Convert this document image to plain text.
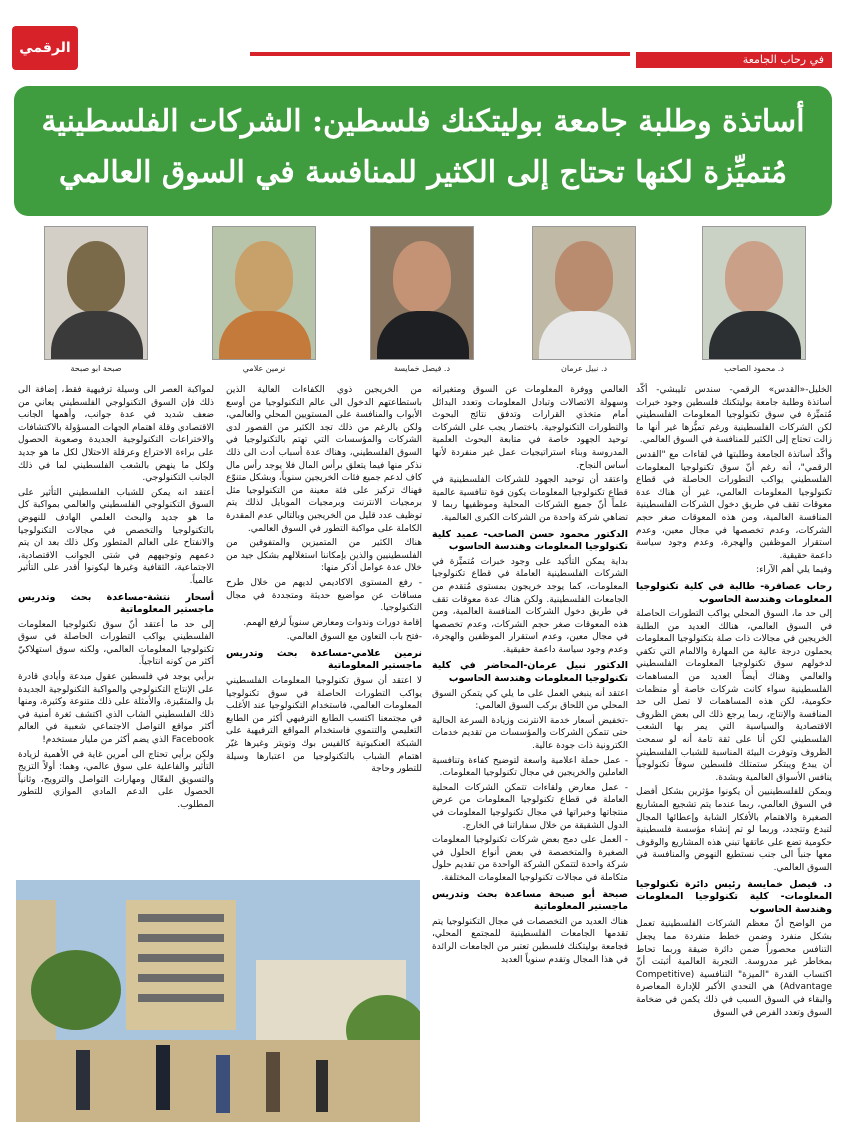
القدس
الرقمي
في رحاب الجامعة
أساتذة وطلبة جامعة بوليتكنك فلسطين: الشركات الفلسطينية
مُتميِّزة لكنها تحتاج إلى الكثير للمنافسة في السوق العالمي
د. محمود الصاحب
د. نبيل عرمان
د. فيصل خمايسة
نرمين علامي
صبحة ابو صبحة

الخليل-«القدس» الرقمي- سندس تليبشي- أكّد أساتذة وطلبة جامعة بوليتكنك فلسطين وجود خبرات مُتميِّزة في سوق تكنولوجيا المعلومات الفلسطيني لكن الشركات الفلسطينية ورغم تميُّزها غير أنها ما زالت تحتاج إلى الكثير للمنافسة في السوق العالمي.

وأكّد أساتذة الجامعة وطلبتها في لقاءات مع "القدس الرقمي"، أنه رغم أنّ سوق تكنولوجيا المعلومات الفلسطيني يواكب التطورات الحاصلة في قطاع تكنولوجيا المعلومات العالمي، غير أن هناك عدة معوقات تقف في طريق دخول الشركات الفلسطينية المنافسة العالمية، ومن هذه المعوقات صغر حجم الشركات، وعدم تخصصها في مجال معين، وعدم استقرار الموظفين والهجرة، وعدم وجود سياسة داعمة حقيقية.

وفيما يلي أهم الآراء:

رحاب عصافرة- طالبة في كلية تكنولوجيا المعلومات وهندسة الحاسوب

إلى حد ما، السوق المحلي يواكب التطورات الحاصلة في السوق العالمي، هنالك العديد من الطلبة الخريجين في مجالات ذات صلة بتكنولوجيا المعلومات يحملون درجة عالية من المهارة والالمام التي تكفي لدخولهم سوق تكنولوجيا المعلومات الفلسطيني والعالمي وهناك أيضاً العديد من المساهمات الفلسطينية سواء كانت شركات خاصة أو منظمات حكومية، لكن هذه المساهمات لا تصل الى حد المنافسة والإنتاج، ربما يرجع ذلك الى بعض الظروف الاقتصادية والسياسية التي يمر بها الشعب الفلسطيني لكن أنا على ثقة تامة أنه لو سمحت الظروف وتوفرت البيئة المناسبة للشباب الفلسطيني أن يبدع ويبتكر ستمتلك فلسطين سوقاً تكنولوجياً ينافس الأسواق العالمية وبشدة.

ويمكن للفلسطينيين أن يكونوا مؤثرين بشكل أفضل في السوق العالمي، ربما عندما يتم تشجيع المشاريع الصغيرة والاهتمام بالأفكار الشابة وإعطائها المجال لتبدع وتتجدد، وربما لو تم إنشاء مؤسسة فلسطينية حكومية تضع على عاتقها تبني هذه المشاريع والوقوف معها جنباً الى جنب نستطيع النهوض والمنافسة في السوق العالمي.

د. فيصل خمايسة رئيس دائرة تكنولوجيا المعلومات- كلية تكنولوجيا المعلومات وهندسة الحاسوب

من الواضح أنّ معظم الشركات الفلسطينية تعمل بشكل منفرد وضمن خطط منفردة مما يجعل التنافس محصوراً ضمن دائرة ضيقة وربما تحاط بمخاطر غير مدروسة. التجربة العالمية أثبتت أنّ اكتساب القدرة "الميزة" التنافسية (Competitive Advantage) هي التحدي الأكبر للإدارة المعاصرة والبقاء في السوق السبب في ذلك يكمن في ضخامة السوق وتعدد الفرص في السوق

العالمي ووفرة المعلومات عن السوق ومتغيراته وسهولة الاتصالات وتبادل المعلومات وتعدد البدائل أمام متخذي القرارات وتدفق نتائج البحوث والتطورات التكنولوجية. باختصار يجب على الشركات توحيد الجهود خاصة في متابعة البحوث العلمية المدروسة وبناء استراتيجيات عمل غير منفردة لأنها أساس النجاح.

واعتقد أن توحيد الجهود للشركات الفلسطينية في قطاع تكنولوجيا المعلومات يكون قوة تنافسية عالمية علماً أنّ جميع الشركات المحلية وموظفيها ربما لا تضاهي شركة واحدة من الشركات الكبرى العالمية.

الدكتور محمود حسن الصاحب- عميد كلية تكنولوجيا المعلومات وهندسة الحاسوب

بداية يمكن التأكيد على وجود خبرات مُتميِّزة في الشركات الفلسطينية العاملة في قطاع تكنولوجيا المعلومات، كما يوجد خريجون بمستوى مُتقدم من الجامعات الفلسطينية. ولكن هناك عدة معوقات تقف في طريق دخول الشركات المنافسة العالمية، ومن هذه المعوقات صغر حجم الشركات، وعدم تخصصها في مجال معين، وعدم استقرار الموظفين والهجرة، وعدم وجود سياسة داعمة حقيقية.

الدكتور نبيل عرمان-المحاضر في كلية تكنولوجيا المعلومات وهندسة الحاسوب

اعتقد أنه ينبغي العمل على ما يلي كي يتمكن السوق المحلي من اللحاق بركب السوق العالمي:

-تخفيض أسعار خدمة الانترنت وزيادة السرعة الحالية حتى تتمكن الشركات والمؤسسات من تقديم خدمات الكترونية ذات جودة عالية.

- عمل حملة اعلامية واسعة لتوضيح كفاءة وتنافسية العاملين والخريجين في مجال تكنولوجيا المعلومات.

- عمل معارض ولقاءات تتمكن الشركات المحلية العاملة في قطاع تكنولوجيا المعلومات من عرض منتجاتها وخبراتها في مجال تكنولوجيا المعلومات في الدول الشقيقة من خلال سفاراتنا في الخارج.

- العمل على دمج بعض شركات تكنولوجيا المعلومات الصغيرة والمتخصصة في بعض أنواع الحلول في شركة واحدة لتتمكن الشركة الواحدة من تقديم حلول متكاملة في مجالات تكنولوجيا المعلومات المختلفة.

صبحة أبو صبحة مساعدة بحث وتدريس ماجستير المعلوماتية

هناك العديد من التخصصات في مجال التكنولوجيا يتم تقدمها الجامعات الفلسطينية للمجتمع المحلي، فجامعة بوليتكنك فلسطين تعتبر من الجامعات الرائدة في هذا المجال وتقدم سنوياً العديد

من الخريجين ذوي الكفاءات العالية الذين باستطاعتهم الدخول الى عالم التكنولوجيا من أوسع الأبواب والمنافسة على المستويين المحلي والعالمي، ولكن بالرغم من ذلك تجد الكثير من القصور لدى الشركات والمؤسسات التي تهتم بالتكنولوجيا في السوق الفلسطيني، وهناك عدة أسباب أدت الى ذلك نذكر منها فيما يتعلق برأس المال فلا يوجد رأس مال كاف لدعم جميع فئات الخريجين سنوياً، وبشكل متنوّع فهناك تركيز على فئة معينة من التكنولوجيا مثل برمجيات الانترنت وبرمجيات الموبايل لذلك يتم توظيف عدد قليل من الخريجين وبالتالي عدم المقدرة الكاملة على مواكبة التطور في السوق العالمي.

هناك الكثير من المتميزين والمتفوقين من الفلسطينيين والذين بإمكاننا استغلالهم بشكل جيد من خلال عدة عوامل أذكر منها:

- رفع المستوى الاكاديمي لديهم من خلال طرح مساقات عن مواضيع حديثة ومتجددة في مجال التكنولوجيا.

إقامة دورات وندوات ومعارض سنوياً لرفع الهمم.

-فتح باب التعاون مع السوق العالمي.

نرمين علامي-مساعدة بحث وتدريس ماجستير المعلوماتية

لا اعتقد أن سوق تكنولوجيا المعلومات الفلسطيني يواكب التطورات الحاصلة في سوق تكنولوجيا المعلومات العالمي، فاستخدام التكنولوجيا عند الأغلب في مجتمعنا اكتسب الطابع الترفيهي أكثر من الطابع التعليمي والتنموي فاستخدام المواقع الترفيهية على الشبكة العنكبوتية كالفيس بوك وتويتر وغيرها غيّر اهتمام الشباب بالتكنولوجيا من اعتبارها وسيلة للتطور وحاجة

لمواكبة العصر الى وسيلة ترفيهية فقط، إضافة الى ذلك فإن السوق التكنولوجي الفلسطيني يعاني من ضعف شديد في عدة جوانب، وأهمها الجانب الاقتصادي وقلة اهتمام الجهات المسؤولة بالاكتشافات والاختراعات التكنولوجية الجديدة وصعوبة الحصول على براءة الاختراع وعرقلة الاحتلال لكل ما هو جديد ولكل ما ينهض بالشعب الفلسطيني لما في ذلك الجانب التكنولوجي.

أعتقد انه يمكن للشباب الفلسطيني التأثير على السوق التكنولوجي الفلسطيني والعالمي بمواكبة كل ما هو جديد والبحث العلمي الهادف للنهوض بالتكنولوجيا والتخصص في مجالات التكنولوجيا والانفتاح على العالم المتطور وكل ذلك بعد ان يتم دعمهم وتوجيههم في شتى الجوانب الاقتصادية، الاجتماعية، الثقافية وغيرها ليكونوا أقدر على التأثير عالمياً.

أسحار نتشة-مساعدة بحث وتدريس ماجستير المعلوماتية

إلى حد ما أعتقد أنّ سوق تكنولوجيا المعلومات الفلسطيني يواكب التطورات الحاصلة في سوق تكنولوجيا المعلومات العالمي، ولكنه سوق استهلاكيّ أكثر من كونه انتاجياً.

برأيي يوجد في فلسطين عقول مبدعة وأيادي قادرة على الإنتاج التكنولوجي والمواكبة التكنولوجية الجديدة بل والمتمّيزة، والأمثلة على ذلك متنوعة وكثيرة، ومنها ذلك الفلسطيني الشاب الذي اكتشف ثغرة أمنية في أكثر مواقع التواصل الاجتماعي شعبية في العالم Facebook الذي يضم أكثر من مليار مستخدم!

ولكن برأيي تحتاج الى أمرين غاية في الأهمية لزيادة التأثير والفاعلية على سوق عالمي، وهما: أولاً التزيج والتسويق الفعّال ومهارات التواصل والترويج، وثانياً الحصول على الدعم المادي الموازي للتطور المطلوب.
